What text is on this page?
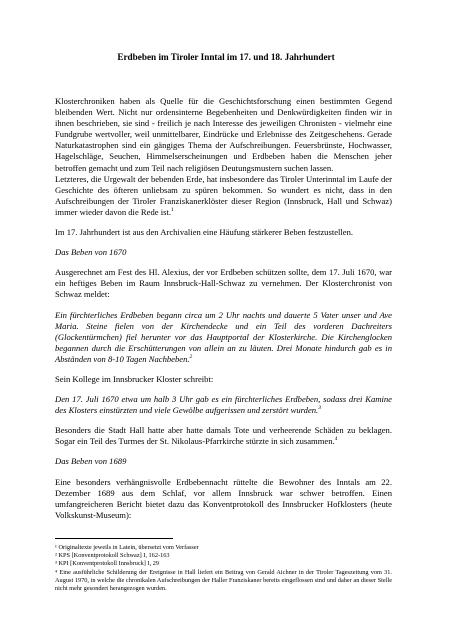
Erdbeben im Tiroler Inntal im 17. und 18. Jahrhundert

Klosterchroniken haben als Quelle für die Geschichtsforschung einen bestimmten Gegend bleibenden Wert. Nicht nur ordensinterne Begebenheiten und Denkwürdigkeiten finden wir in ihnen beschrieben, sie sind - freilich je nach Interesse des jeweiligen Chronisten - vielmehr eine Fundgrube wertvoller, weil unmittelbarer, Eindrücke und Erlebnisse des Zeitgeschehens. Gerade Naturkatastrophen sind ein gängiges Thema der Aufschreibungen. Feuersbrünste, Hochwasser, Hagelschläge, Seuchen, Himmelserscheinungen und Erdbeben haben die Menschen jeher betroffen gemacht und zum Teil nach religiösen Deutungsmustern suchen lassen.

Letzteres, die Urgewalt der bebenden Erde, hat insbesondere das Tiroler Unterinntal im Laufe der Geschichte des öfteren unliebsam zu spüren bekommen. So wundert es nicht, dass in den Aufschreibungen der Tiroler Franziskanerklöster dieser Region (Innsbruck, Hall und Schwaz) immer wieder davon die Rede ist.$^1$

Im 17. Jahrhundert ist aus den Archivalien eine Häufung stärkerer Beben festzustellen.

Das Beben von 1670

Ausgerechnet am Fest des Hl. Alexius, der vor Erdbeben schützen sollte, dem 17. Juli 1670, war ein heftiges Beben im Raum Innsbruck-Hall-Schwaz zu vernehmen. Der Klosterchronist von Schwaz meldet:

Ein fürchterliches Erdbeben begann circa um 2 Uhr nachts und dauerte 5 Vater unser und Ave Maria. Steine fielen von der Kirchendecke und ein Teil des vorderen Dachreiters (Glockentürmchen) fiel herunter vor das Hauptportal der Klosterkirche. Die Kirchenglocken begannen durch die Erschütterungen von allein an zu läuten. Drei Monate hindurch gab es in Abständen von 8-10 Tagen Nachbeben.$^2$

Sein Kollege im Innsbrucker Kloster schreibt:

Den 17. Juli 1670 etwa um halb 3 Uhr gab es ein fürchterliches Erdbeben, sodass drei Kamine des Klosters einstürzten und viele Gewölbe aufgerissen und zerstört wurden.$^3$

Besonders die Stadt Hall hatte aber hatte damals Tote und verheerende Schäden zu beklagen. Sogar ein Teil des Turmes der St. Nikolaus-Pfarrkirche stürzte in sich zusammen.$^4$

Das Beben von 1689

Eine besonders verhängnisvolle Erdbebennacht rüttelte die Bewohner des Inntals am 22. Dezember 1689 aus dem Schlaf, vor allem Innsbruck war schwer betroffen. Einen umfangreicheren Bericht bietet dazu das Konventprotokoll des Innsbrucker Hofklosters (heute Volkskunst-Museum):

¹ Originaltexte jeweils in Latein, übersetzt vom Verfasser
² KPS [Konventprotokoll Schwaz] I, 162-163
³ KPI [Konventprotokoll Innsbruck] I, 29
⁴ Eine ausführliche Schilderung der Ereignisse in Hall liefert ein Beitrag von Gerald Aichner in der Tiroler Tageszeitung vom 31. August 1970, in welche die chronikalen Aufschreibungen der Haller Franziskaner bereits eingeflossen sind und daher an dieser Stelle nicht mehr gesondert herangezogen wurden.
